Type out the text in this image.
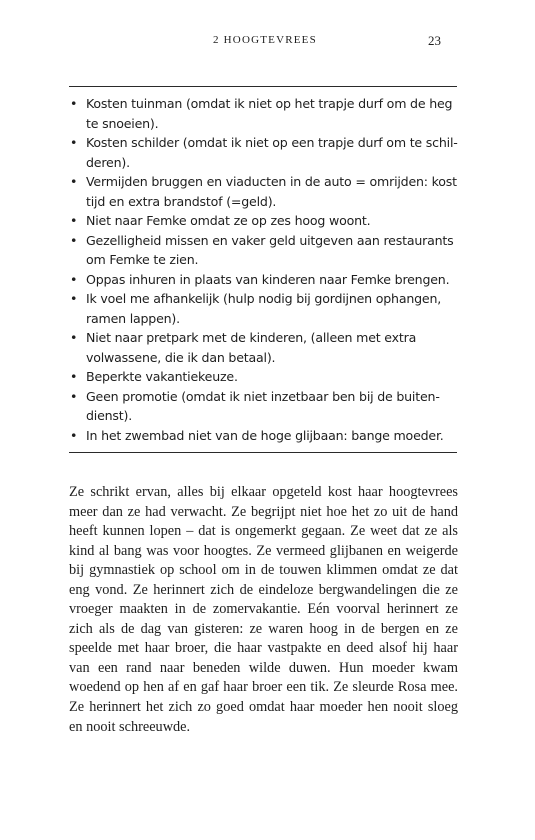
2 HOOGTEVREES	23
• Kosten tuinman (omdat ik niet op het trapje durf om de heg te snoeien).
• Kosten schilder (omdat ik niet op een trapje durf om te schilderen).
• Vermijden bruggen en viaducten in de auto = omrijden: kost tijd en extra brandstof (=geld).
• Niet naar Femke omdat ze op zes hoog woont.
• Gezelligheid missen en vaker geld uitgeven aan restaurants om Femke te zien.
• Oppas inhuren in plaats van kinderen naar Femke brengen.
• Ik voel me afhankelijk (hulp nodig bij gordijnen ophangen, ramen lappen).
• Niet naar pretpark met de kinderen, (alleen met extra volwassene, die ik dan betaal).
• Beperkte vakantiekeuze.
• Geen promotie (omdat ik niet inzetbaar ben bij de buitendienst).
• In het zwembad niet van de hoge glijbaan: bange moeder.

Ze schrikt ervan, alles bij elkaar opgeteld kost haar hoogtevrees meer dan ze had verwacht. Ze begrijpt niet hoe het zo uit de hand heeft kunnen lopen – dat is ongemerkt gegaan. Ze weet dat ze als kind al bang was voor hoogtes. Ze vermeed glijbanen en weigerde bij gymnastiek op school om in de touwen klimmen omdat ze dat eng vond. Ze herinnert zich de eindeloze bergwandelingen die ze vroeger maakten in de zomervakantie. Eén voorval herinnert ze zich als de dag van gisteren: ze waren hoog in de bergen en ze speelde met haar broer, die haar vastpakte en deed alsof hij haar van een rand naar beneden wilde duwen. Hun moeder kwam woedend op hen af en gaf haar broer een tik. Ze sleurde Rosa mee. Ze herinnert het zich zo goed omdat haar moeder hen nooit sloeg en nooit schreeuwde.
